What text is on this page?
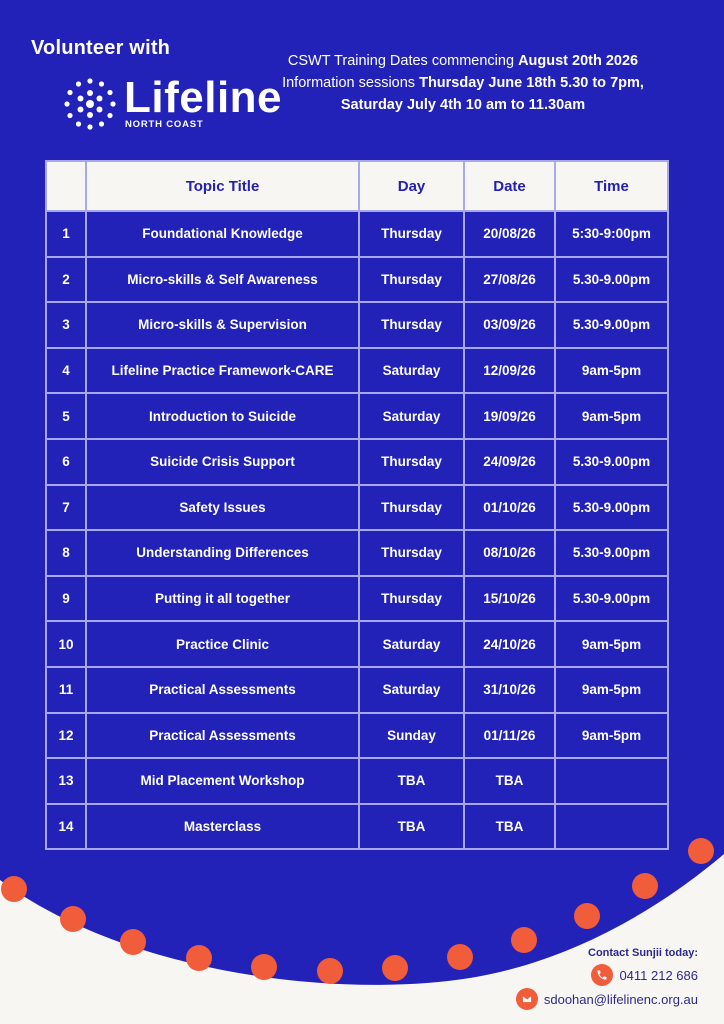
Volunteer with
Lifeline
NORTH COAST
CSWT Training Dates commencing August 20th 2026
Information sessions Thursday June 18th 5.30 to 7pm,
Saturday July 4th 10 am to 11.30am
	Topic Title	Day	Date	Time
1	Foundational Knowledge	Thursday	20/08/26	5:30-9:00pm
2	Micro-skills & Self Awareness	Thursday	27/08/26	5.30-9.00pm
3	Micro-skills & Supervision	Thursday	03/09/26	5.30-9.00pm
4	Lifeline Practice Framework-CARE	Saturday	12/09/26	9am-5pm
5	Introduction to Suicide	Saturday	19/09/26	9am-5pm
6	Suicide Crisis Support	Thursday	24/09/26	5.30-9.00pm
7	Safety Issues	Thursday	01/10/26	5.30-9.00pm
8	Understanding Differences	Thursday	08/10/26	5.30-9.00pm
9	Putting it all together	Thursday	15/10/26	5.30-9.00pm
10	Practice Clinic	Saturday	24/10/26	9am-5pm
11	Practical Assessments	Saturday	31/10/26	9am-5pm
12	Practical Assessments	Sunday	01/11/26	9am-5pm
13	Mid Placement Workshop	TBA	TBA	
14	Masterclass	TBA	TBA	
Contact Sunjii today:
0411 212 686
sdoohan@lifelinenc.org.au
